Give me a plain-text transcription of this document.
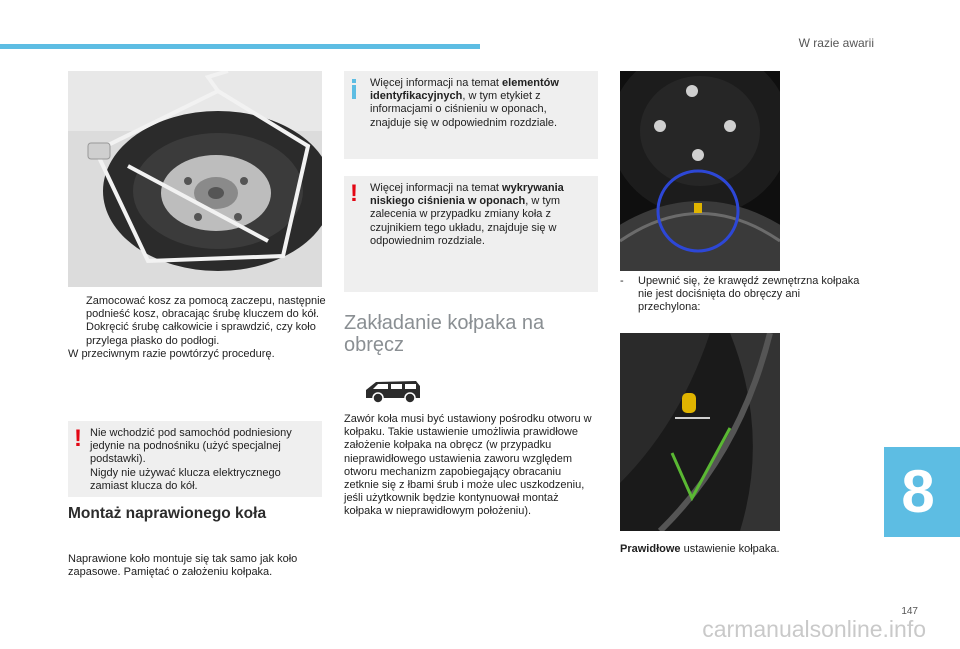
W razie awarii
Zamocować kosz za pomocą zaczepu, następnie podnieść kosz, obracając śrubę kluczem do kół.
Dokręcić śrubę całkowicie i sprawdzić, czy koło przylega płasko do podłogi.
W przeciwnym razie powtórzyć procedurę.
! Nie wchodzić pod samochód podniesiony jedynie na podnośniku (użyć specjalnej podstawki).
Nigdy nie używać klucza elektrycznego zamiast klucza do kół.
Montaż naprawionego koła
Naprawione koło montuje się tak samo jak koło zapasowe. Pamiętać o założeniu kołpaka.
Więcej informacji na temat elementów identyfikacyjnych, w tym etykiet z informacjami o ciśnieniu w oponach, znajduje się w odpowiednim rozdziale.
! Więcej informacji na temat wykrywania niskiego ciśnienia w oponach, w tym zalecenia w przypadku zmiany koła z czujnikiem tego układu, znajduje się w odpowiednim rozdziale.
Zakładanie kołpaka na obręcz
Zawór koła musi być ustawiony pośrodku otworu w kołpaku. Takie ustawienie umożliwia prawidłowe założenie kołpaka na obręcz (w przypadku nieprawidłowego ustawienia zaworu względem otworu mechanizm zapobiegający obracaniu zetknie się z łbami śrub i może ulec uszkodzeniu, jeśli użytkownik będzie kontynuował montaż kołpaka w nieprawidłowym położeniu).
-	Upewnić się, że krawędź zewnętrzna kołpaka nie jest dociśnięta do obręczy ani przechylona:
Prawidłowe ustawienie kołpaka.
8
147
carmanualsonline.info
